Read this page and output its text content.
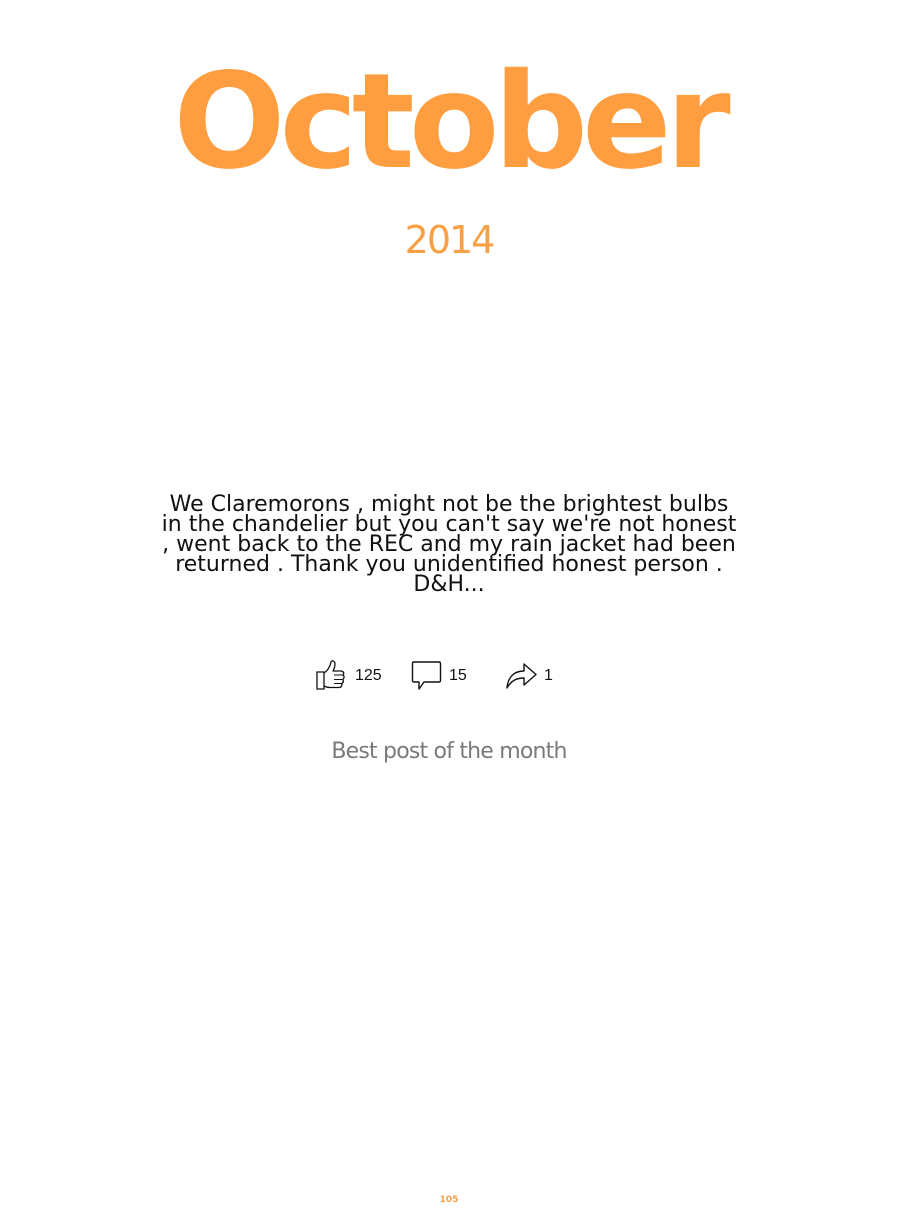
October
2014

We Claremorons , might not be the brightest bulbs in the chandelier but you can't say we're not honest , went back to the REC and my rain jacket had been returned . Thank you unidentified honest person . D&H...

125	15	1
Best post of the month
105
